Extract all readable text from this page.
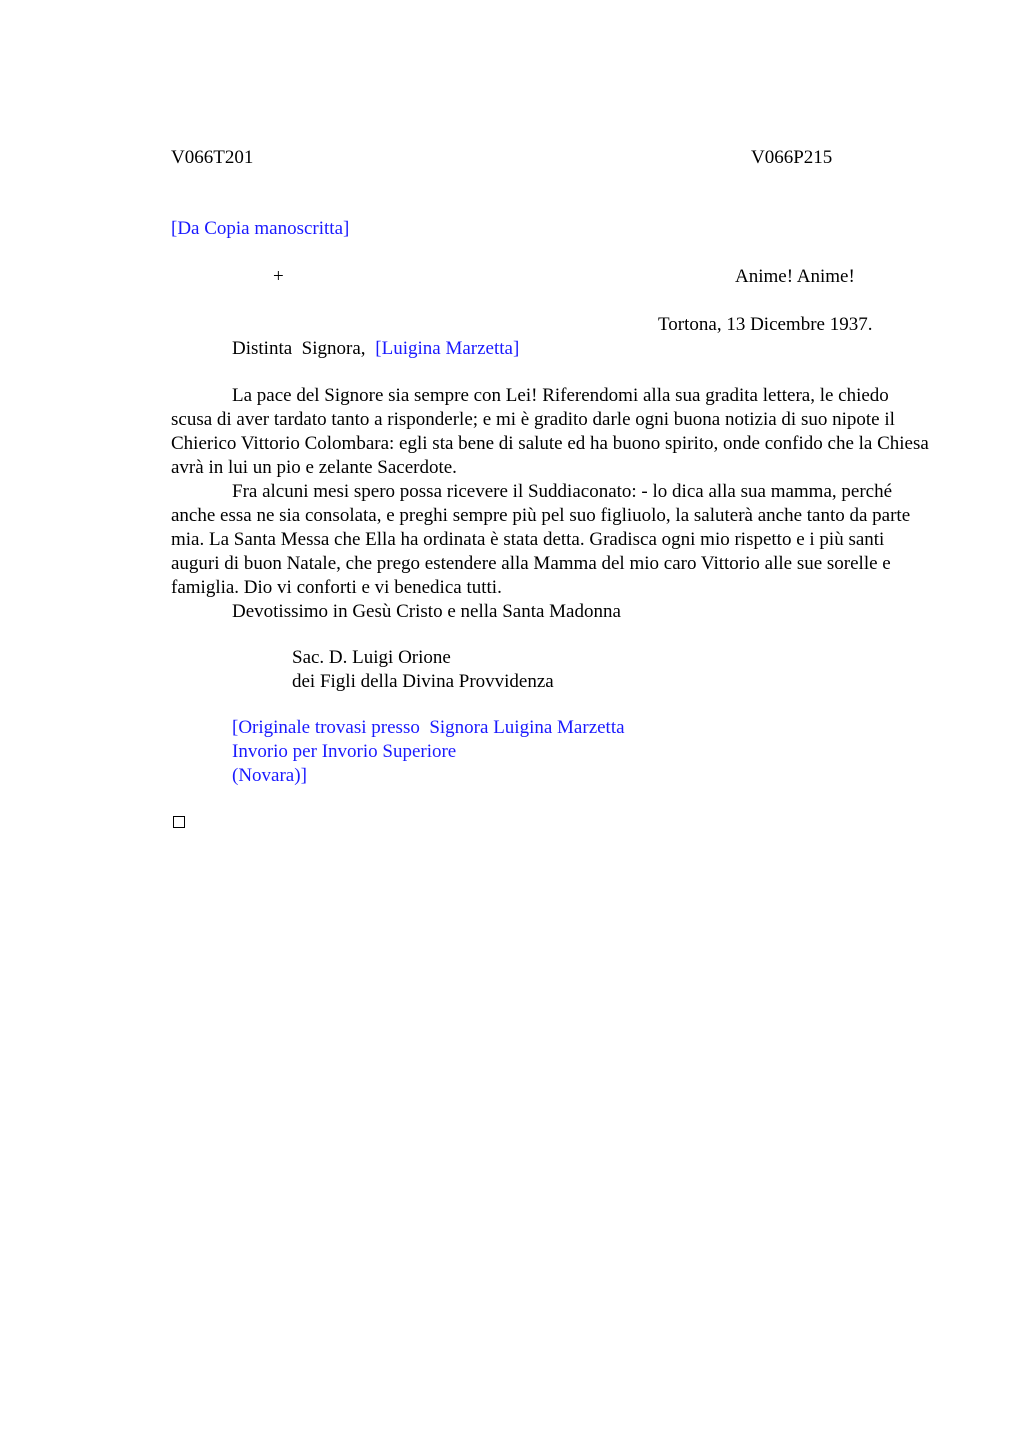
V066T201	V066P215
[Da Copia manoscritta]
+	Anime! Anime!
Tortona, 13 Dicembre 1937.
Distinta  Signora, [Luigina Marzetta]

La pace del Signore sia sempre con Lei! Riferendomi alla sua gradita lettera, le chiedo scusa di aver tardato tanto a risponderle; e mi è gradito darle ogni buona notizia di suo nipote il Chierico Vittorio Colombara: egli sta bene di salute ed ha buono spirito, onde confido che la Chiesa avrà in lui un pio e zelante Sacerdote.

Fra alcuni mesi spero possa ricevere il Suddiaconato: - lo dica alla sua mamma, perché anche essa ne sia consolata, e preghi sempre più pel suo figliuolo, la saluterà anche tanto da parte mia. La Santa Messa che Ella ha ordinata è stata detta. Gradisca ogni mio rispetto e i più santi auguri di buon Natale, che prego estendere alla Mamma del mio caro Vittorio alle sue sorelle e famiglia. Dio vi conforti e vi benedica tutti.

Devotissimo in Gesù Cristo e nella Santa Madonna

Sac. D. Luigi Orione
dei Figli della Divina Provvidenza
[Originale trovasi presso  Signora Luigina Marzetta
Invorio per Invorio Superiore
(Novara)]
